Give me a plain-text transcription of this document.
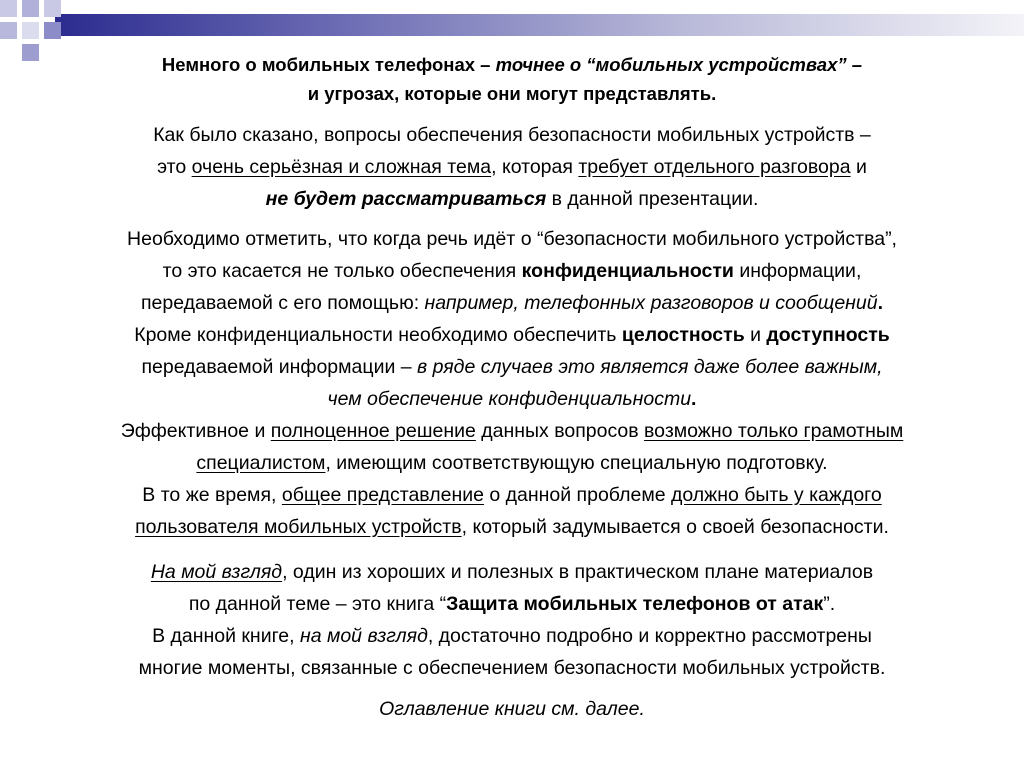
Немного о мобильных телефонах – точнее о “мобильных устройствах” –
и угрозах, которые они могут представлять.
Как было сказано, вопросы обеспечения безопасности мобильных устройств –
это очень серьёзная и сложная тема, которая требует отдельного разговора и
не будет рассматриваться в данной презентации.
Необходимо отметить, что когда речь идёт о “безопасности мобильного устройства”,
то это касается не только обеспечения конфиденциальности информации,
передаваемой с его помощью: например, телефонных разговоров и сообщений.
Кроме конфиденциальности необходимо обеспечить целостность и доступность
передаваемой информации – в ряде случаев это является даже более важным,
чем обеспечение конфиденциальности.
Эффективное и полноценное решение данных вопросов возможно только грамотным
специалистом, имеющим соответствующую специальную подготовку.
В то же время, общее представление о данной проблеме должно быть у каждого
пользователя мобильных устройств, который задумывается о своей безопасности.
На мой взгляд, один из хороших и полезных в практическом плане материалов
по данной теме – это книга “Защита мобильных телефонов от атак”.
В данной книге, на мой взгляд, достаточно подробно и корректно рассмотрены
многие моменты, связанные с обеспечением безопасности мобильных устройств.
Оглавление книги см. далее.
